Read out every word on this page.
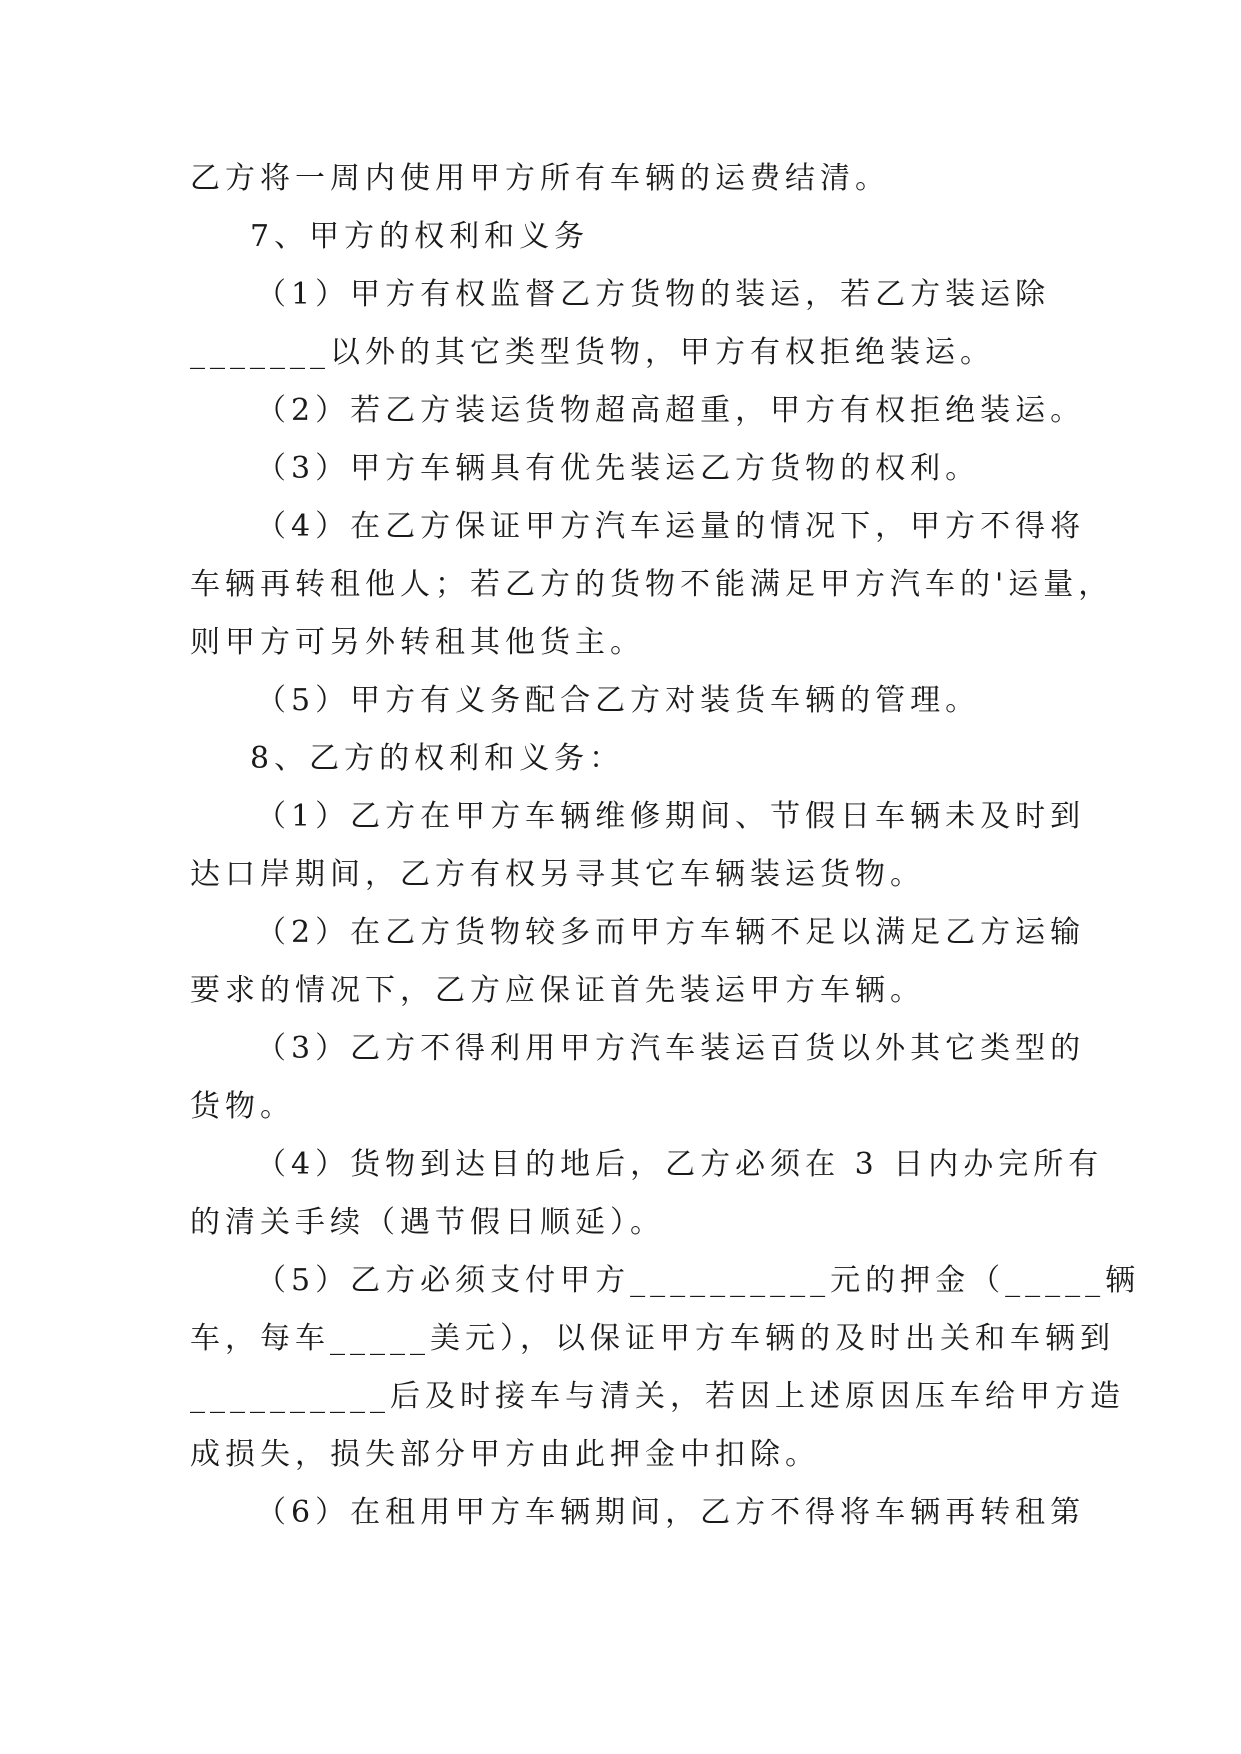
乙方将一周内使用甲方所有车辆的运费结清。
7、甲方的权利和义务
（1）甲方有权监督乙方货物的装运，若乙方装运除
_______以外的其它类型货物，甲方有权拒绝装运。
（2）若乙方装运货物超高超重，甲方有权拒绝装运。
（3）甲方车辆具有优先装运乙方货物的权利。
（4）在乙方保证甲方汽车运量的情况下，甲方不得将
车辆再转租他人；若乙方的货物不能满足甲方汽车的'运量，
则甲方可另外转租其他货主。
（5）甲方有义务配合乙方对装货车辆的管理。
8、乙方的权利和义务：
（1）乙方在甲方车辆维修期间、节假日车辆未及时到
达口岸期间，乙方有权另寻其它车辆装运货物。
（2）在乙方货物较多而甲方车辆不足以满足乙方运输
要求的情况下，乙方应保证首先装运甲方车辆。
（3）乙方不得利用甲方汽车装运百货以外其它类型的
货物。
（4）货物到达目的地后，乙方必须在 3 日内办完所有
的清关手续（遇节假日顺延）。
（5）乙方必须支付甲方__________元的押金（_____辆
车，每车_____美元），以保证甲方车辆的及时出关和车辆到
__________后及时接车与清关，若因上述原因压车给甲方造
成损失，损失部分甲方由此押金中扣除。
（6）在租用甲方车辆期间，乙方不得将车辆再转租第
